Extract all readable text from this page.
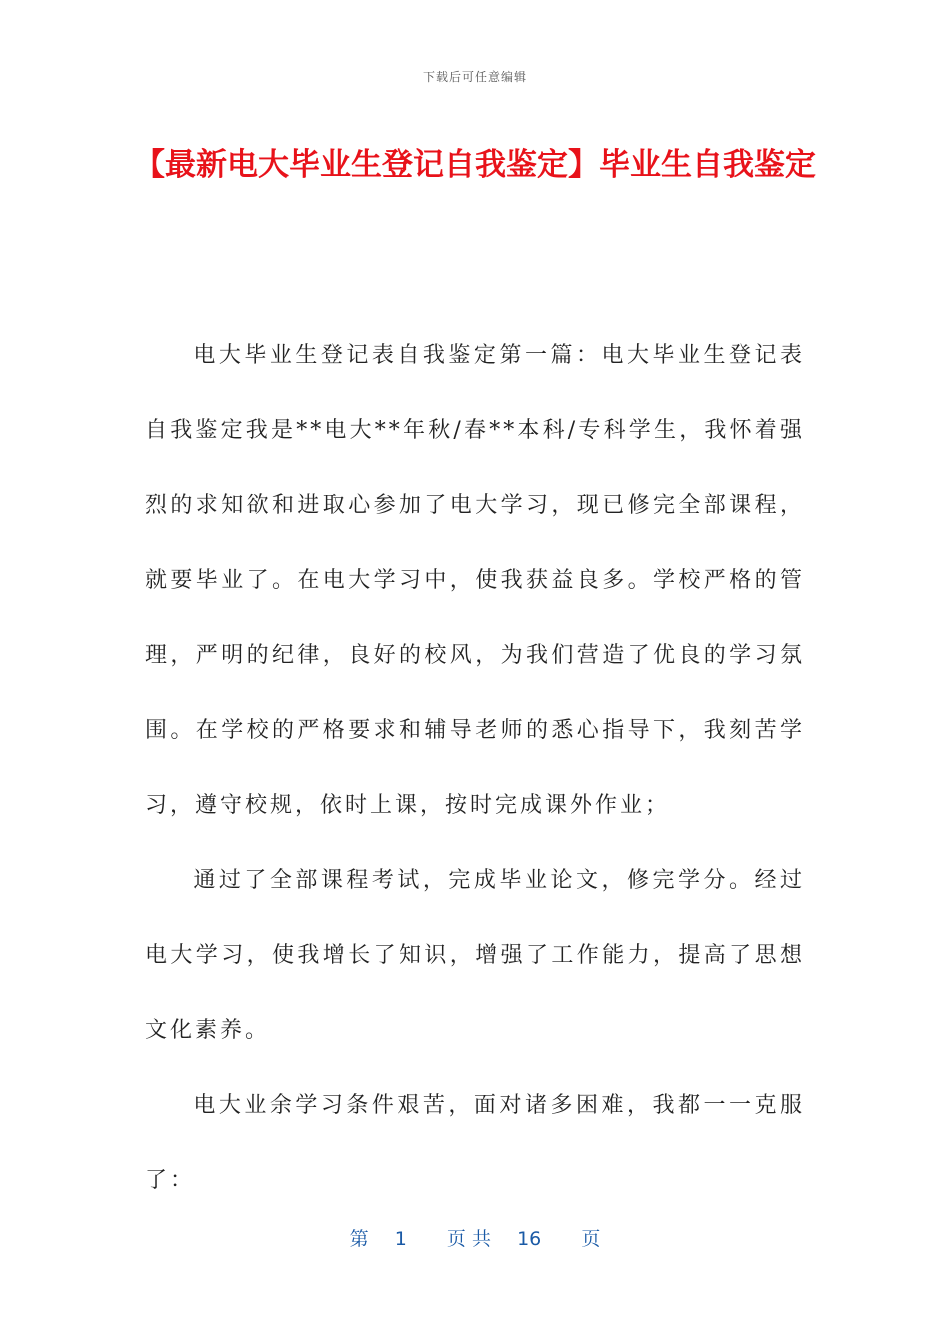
下载后可任意编辑
【最新电大毕业生登记自我鉴定】毕业生自我鉴定

电大毕业生登记表自我鉴定第一篇：电大毕业生登记表自我鉴定我是**电大**年秋/春**本科/专科学生，我怀着强烈的求知欲和进取心参加了电大学习，现已修完全部课程，就要毕业了。在电大学习中，使我获益良多。学校严格的管理，严明的纪律，良好的校风，为我们营造了优良的学习氛围。在学校的严格要求和辅导老师的悉心指导下，我刻苦学习，遵守校规，依时上课，按时完成课外作业；

通过了全部课程考试，完成毕业论文，修完学分。经过电大学习，使我增长了知识，增强了工作能力，提高了思想文化素养。

电大业余学习条件艰苦，面对诸多困难，我都一一克服了：

第 1 页 共 16 页
